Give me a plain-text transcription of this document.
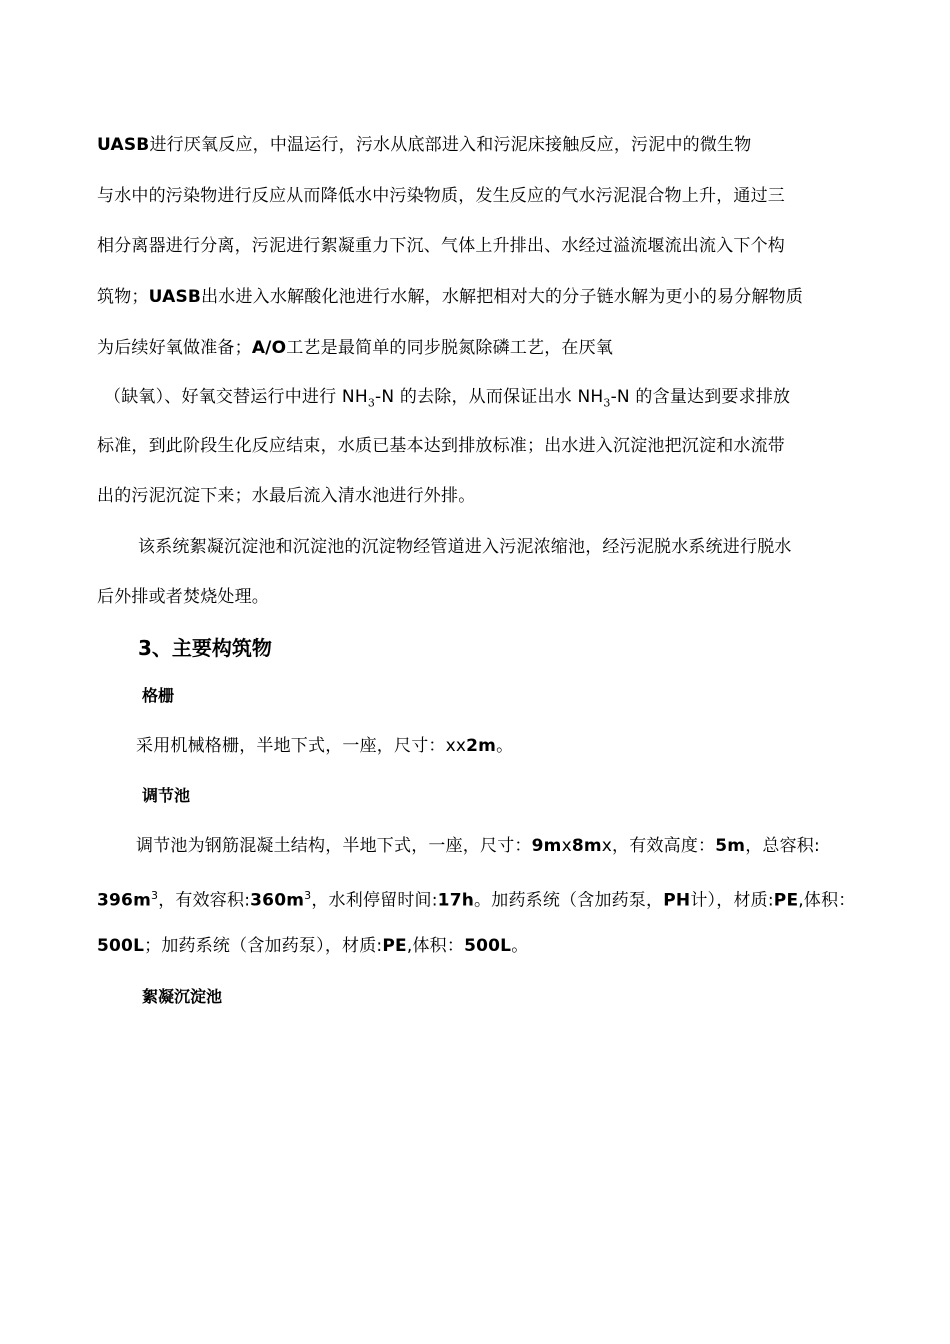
UASB进行厌氧反应，中温运行，污水从底部进入和污泥床接触反应，污泥中的微生物
与水中的污染物进行反应从而降低水中污染物质，发生反应的气水污泥混合物上升，通过三
相分离器进行分离，污泥进行絮凝重力下沉、气体上升排出、水经过溢流堰流出流入下个构
筑物；UASB出水进入水解酸化池进行水解，水解把相对大的分子链水解为更小的易分解物质
为后续好氧做准备；A/O工艺是最简单的同步脱氮除磷工艺，在厌氧
（缺氧）、好氧交替运行中进行 $NH_3-N$ 的去除，从而保证出水 $NH_3-N$ 的含量达到要求排放
标准，到此阶段生化反应结束，水质已基本达到排放标准；出水进入沉淀池把沉淀和水流带
出的污泥沉淀下来；水最后流入清水池进行外排。
该系统絮凝沉淀池和沉淀池的沉淀物经管道进入污泥浓缩池，经污泥脱水系统进行脱水
后外排或者焚烧处理。
3、主要构筑物
格栅
采用机械格栅，半地下式，一座，尺寸：xx2m。
调节池
调节池为钢筋混凝土结构，半地下式，一座，尺寸：9mx8mx，有效高度：5m，总容积:
$396m^3$，有效容积$:360m^3$，水利停留时间:17h。加药系统（含加药泵，PH计），材质:PE,体积：
500L；加药系统（含加药泵），材质:PE,体积：500L。
絮凝沉淀池
